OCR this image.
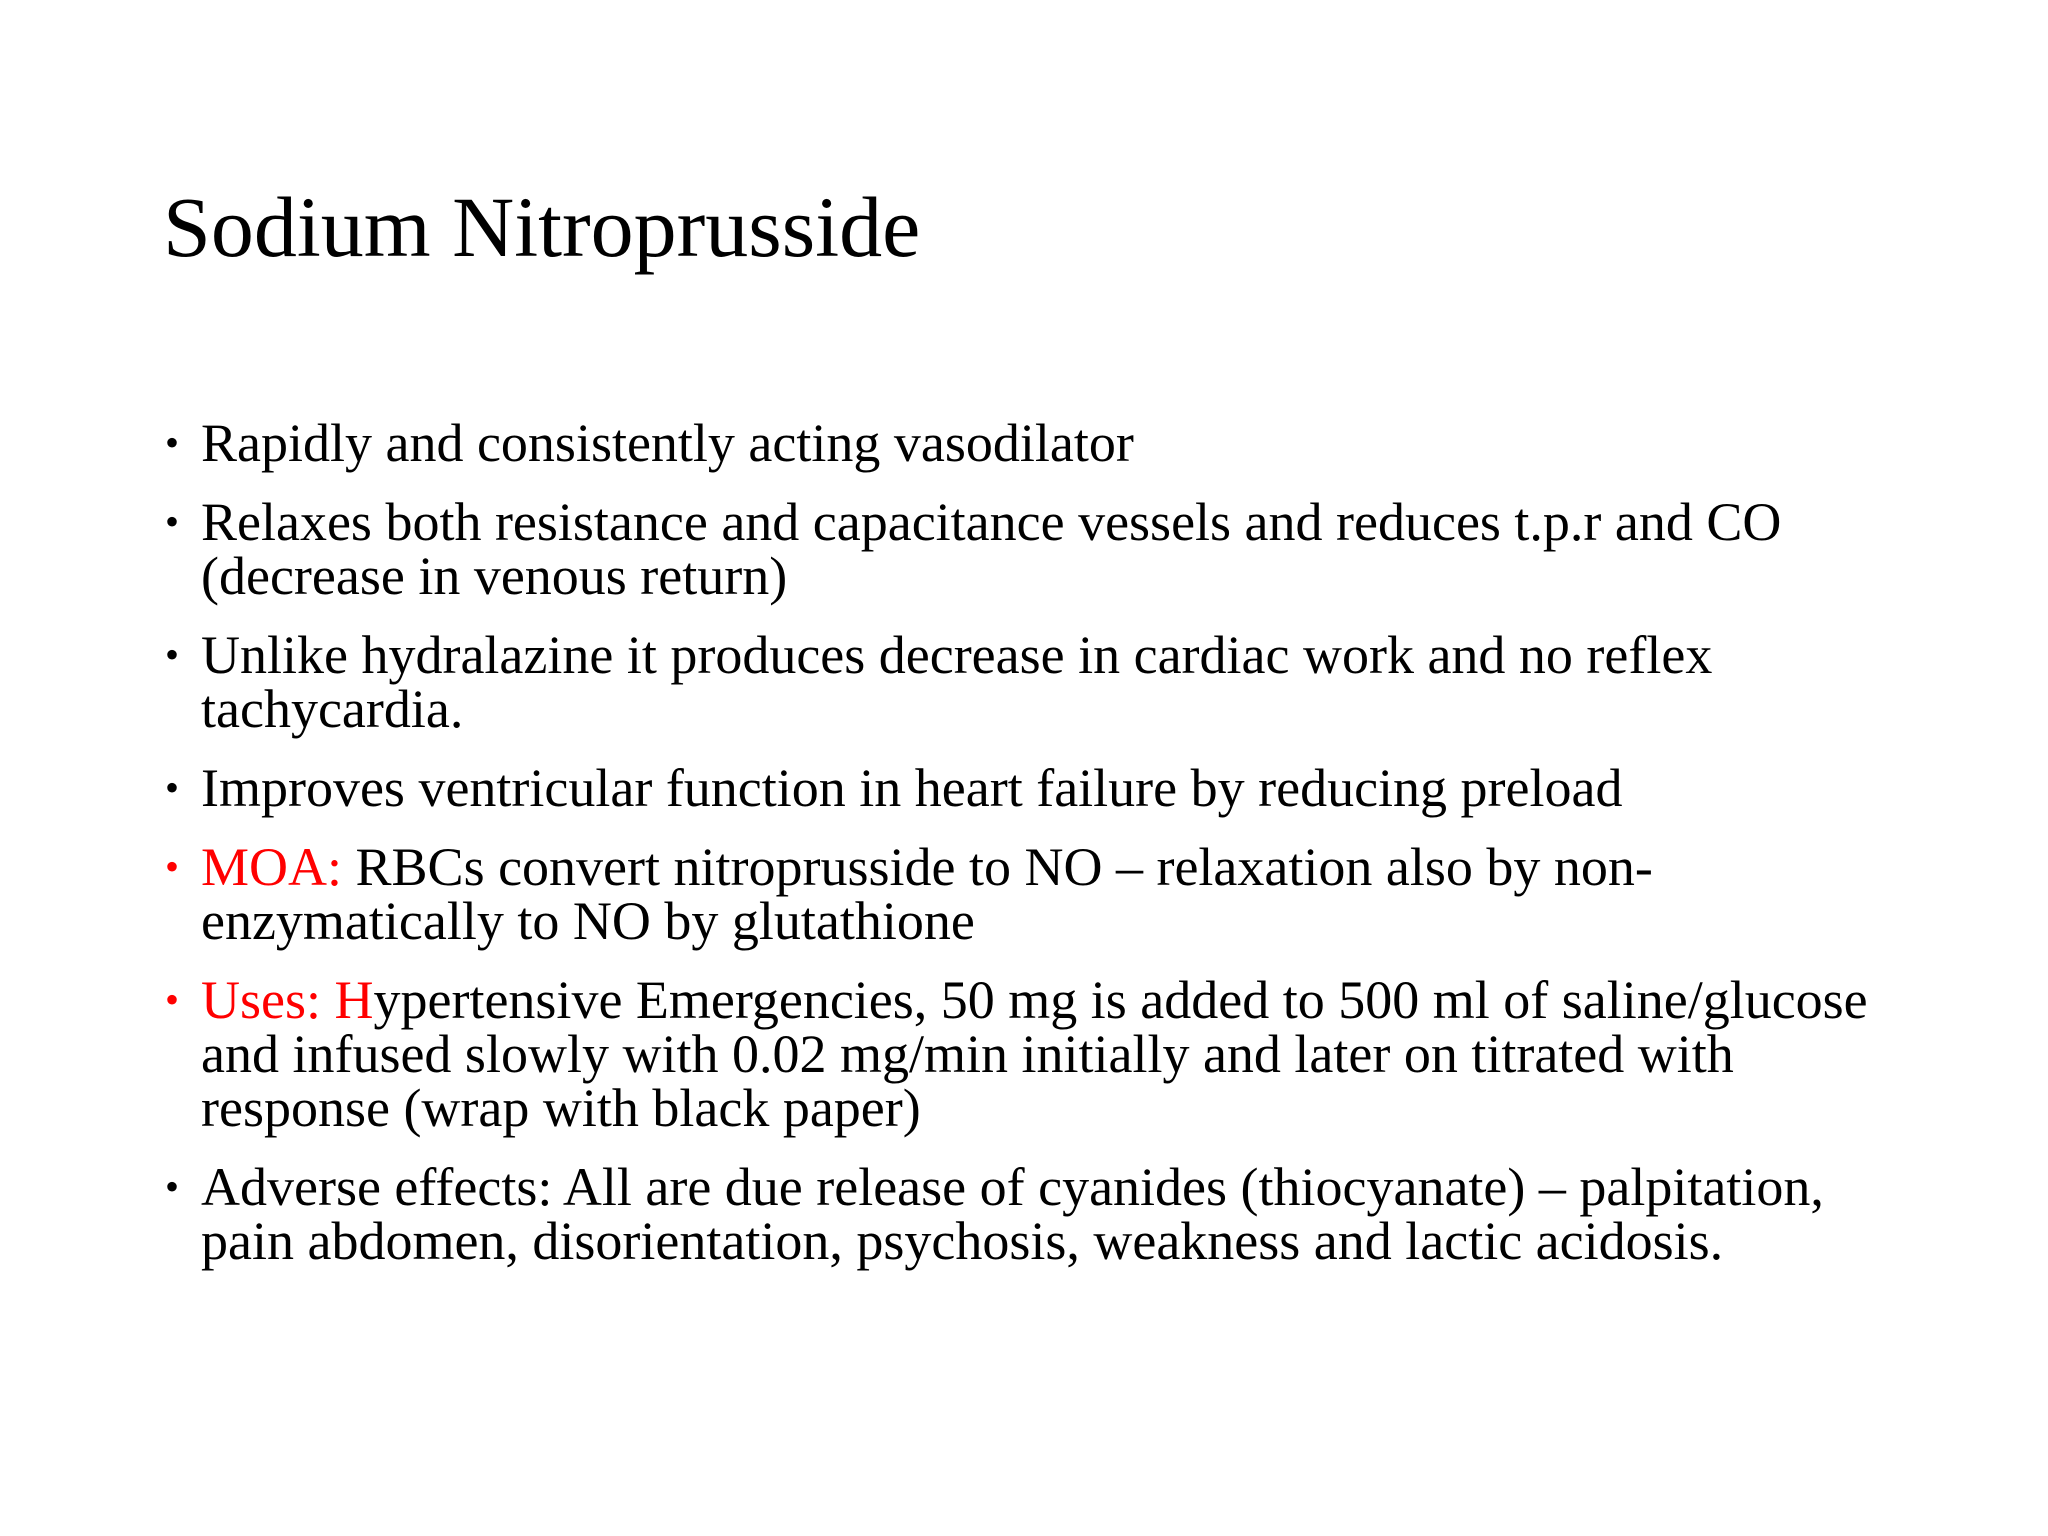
Sodium Nitroprusside
• Rapidly and consistently acting vasodilator
• Relaxes both resistance and capacitance vessels and reduces t.p.r and CO (decrease in venous return)
• Unlike hydralazine it produces decrease in cardiac work and no reflex tachycardia.
• Improves ventricular function in heart failure by reducing preload
• MOA: RBCs convert nitroprusside to NO – relaxation also by non-enzymatically to NO by glutathione
• Uses: Hypertensive Emergencies, 50 mg is added to 500 ml of saline/glucose and infused slowly with 0.02 mg/min initially and later on titrated with response (wrap with black paper)
• Adverse effects: All are due release of cyanides (thiocyanate) – palpitation, pain abdomen, disorientation, psychosis, weakness and lactic acidosis.
